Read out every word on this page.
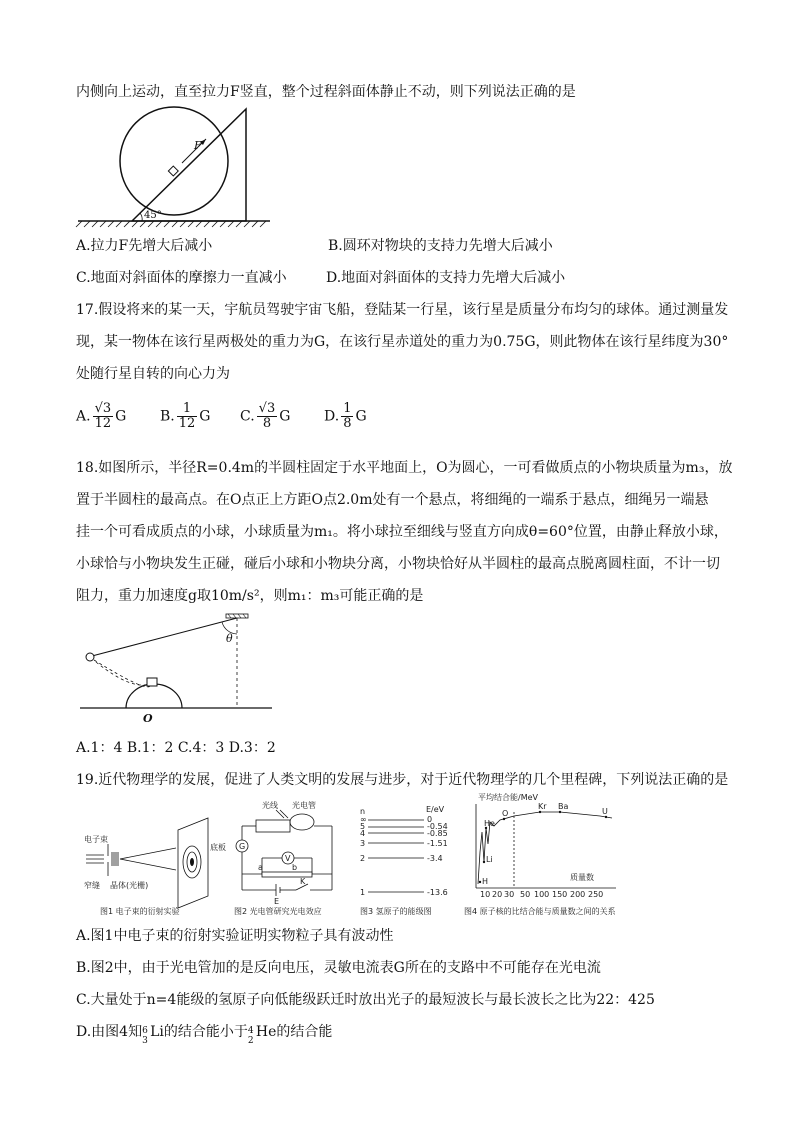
内侧向上运动，直至拉力F竖直，整个过程斜面体静止不动，则下列说法正确的是
F
45°
A.拉力F先增大后减小	B.圆环对物块的支持力先增大后减小
C.地面对斜面体的摩擦力一直减小	D.地面对斜面体的支持力先增大后减小
17.假设将来的某一天，宇航员驾驶宇宙飞船，登陆某一行星，该行星是质量分布均匀的球体。通过测量发
现，某一物体在该行星两极处的重力为G，在该行星赤道处的重力为0.75G，则此物体在该行星纬度为30°
处随行星自转的向心力为
A. $\frac{√3}{12}$ G B. $\frac{1}{12}$ G C. $\frac{√3}{8}$ G D. $\frac{1}{8}$ G
18.如图所示，半径R=0.4m的半圆柱固定于水平地面上，O为圆心，一可看做质点的小物块质量为m₃，放
置于半圆柱的最高点。在O点正上方距O点2.0m处有一个悬点，将细绳的一端系于悬点，细绳另一端悬
挂一个可看成质点的小球，小球质量为m₁。将小球拉至细线与竖直方向成θ=60°位置，由静止释放小球，
小球恰与小物块发生正碰，碰后小球和小物块分离，小物块恰好从半圆柱的最高点脱离圆柱面，不计一切
阻力，重力加速度g取10m/s²，则m₁：m₃可能正确的是
θ
O
A.1：4 B.1：2 C.4：3 D.3：2
19.近代物理学的发展，促进了人类文明的发展与进步，对于近代物理学的几个里程碑，下列说法正确的是
电子束
窄缝 晶体(光栅)
底板
图1 电子束的衍射实验
光线 光电管
G
V
a	b
E
K
图2 光电管研究光电效应
n	E/eV
∞
5
4
3
2
1
0
-0.54
-0.85
-1.51
-3.4
-13.6
图3 氢原子的能级图
平均结合能/MeV
He
Li
H
O
Kr Ba
U
质量数
10 20 30 50 100 150 200 250
图4 原子核的比结合能与质量数之间的关系
A.图1中电子束的衍射实验证明实物粒子具有波动性
B.图2中，由于光电管加的是反向电压，灵敏电流表G所在的支路中不可能存在光电流
C.大量处于n=4能级的氢原子向低能级跃迁时放出光子的最短波长与最长波长之比为22：425
D.由图4知 6
3
Li的结合能小于 4
2
He的结合能
